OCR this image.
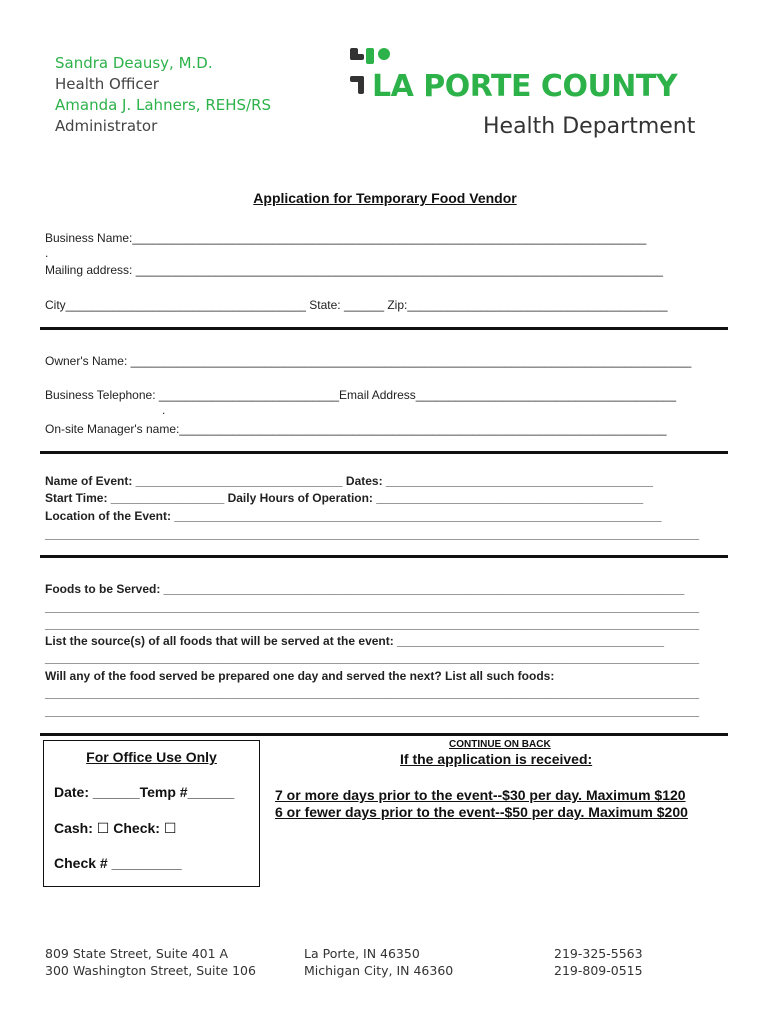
Sandra Deausy, M.D.
Health Officer
Amanda J. Lahners, REHS/RS
Administrator
LA PORTE COUNTY
Health Department
Application for Temporary Food Vendor
Business Name:_____________________________________________________________________________
.
Mailing address: _______________________________________________________________________________
City____________________________________ State: ______ Zip:_______________________________________
Owner's Name: ____________________________________________________________________________________
Business Telephone: ___________________________Email Address_______________________________________
.
On-site Manager's name:_________________________________________________________________________
Name of Event: _______________________________ Dates: ________________________________________
Start Time: _________________ Daily Hours of Operation: ________________________________________
Location of the Event: _________________________________________________________________________
__________________________________________________________________________________________________
Foods to be Served: ______________________________________________________________________________
__________________________________________________________________________________________________
__________________________________________________________________________________________________
List the source(s) of all foods that will be served at the event: ________________________________________
__________________________________________________________________________________________________
Will any of the food served be prepared one day and served the next? List all such foods:
__________________________________________________________________________________________________
__________________________________________________________________________________________________
For Office Use Only
Date: ______Temp #______
Cash: ☐ Check: ☐
Check # _________
CONTINUE ON BACK
If the application is received:
7 or more days prior to the event--$30 per day. Maximum $120
6 or fewer days prior to the event--$50 per day. Maximum $200
809 State Street, Suite 401 A
300 Washington Street, Suite 106
La Porte, IN 46350
Michigan City, IN 46360
219-325-5563
219-809-0515
